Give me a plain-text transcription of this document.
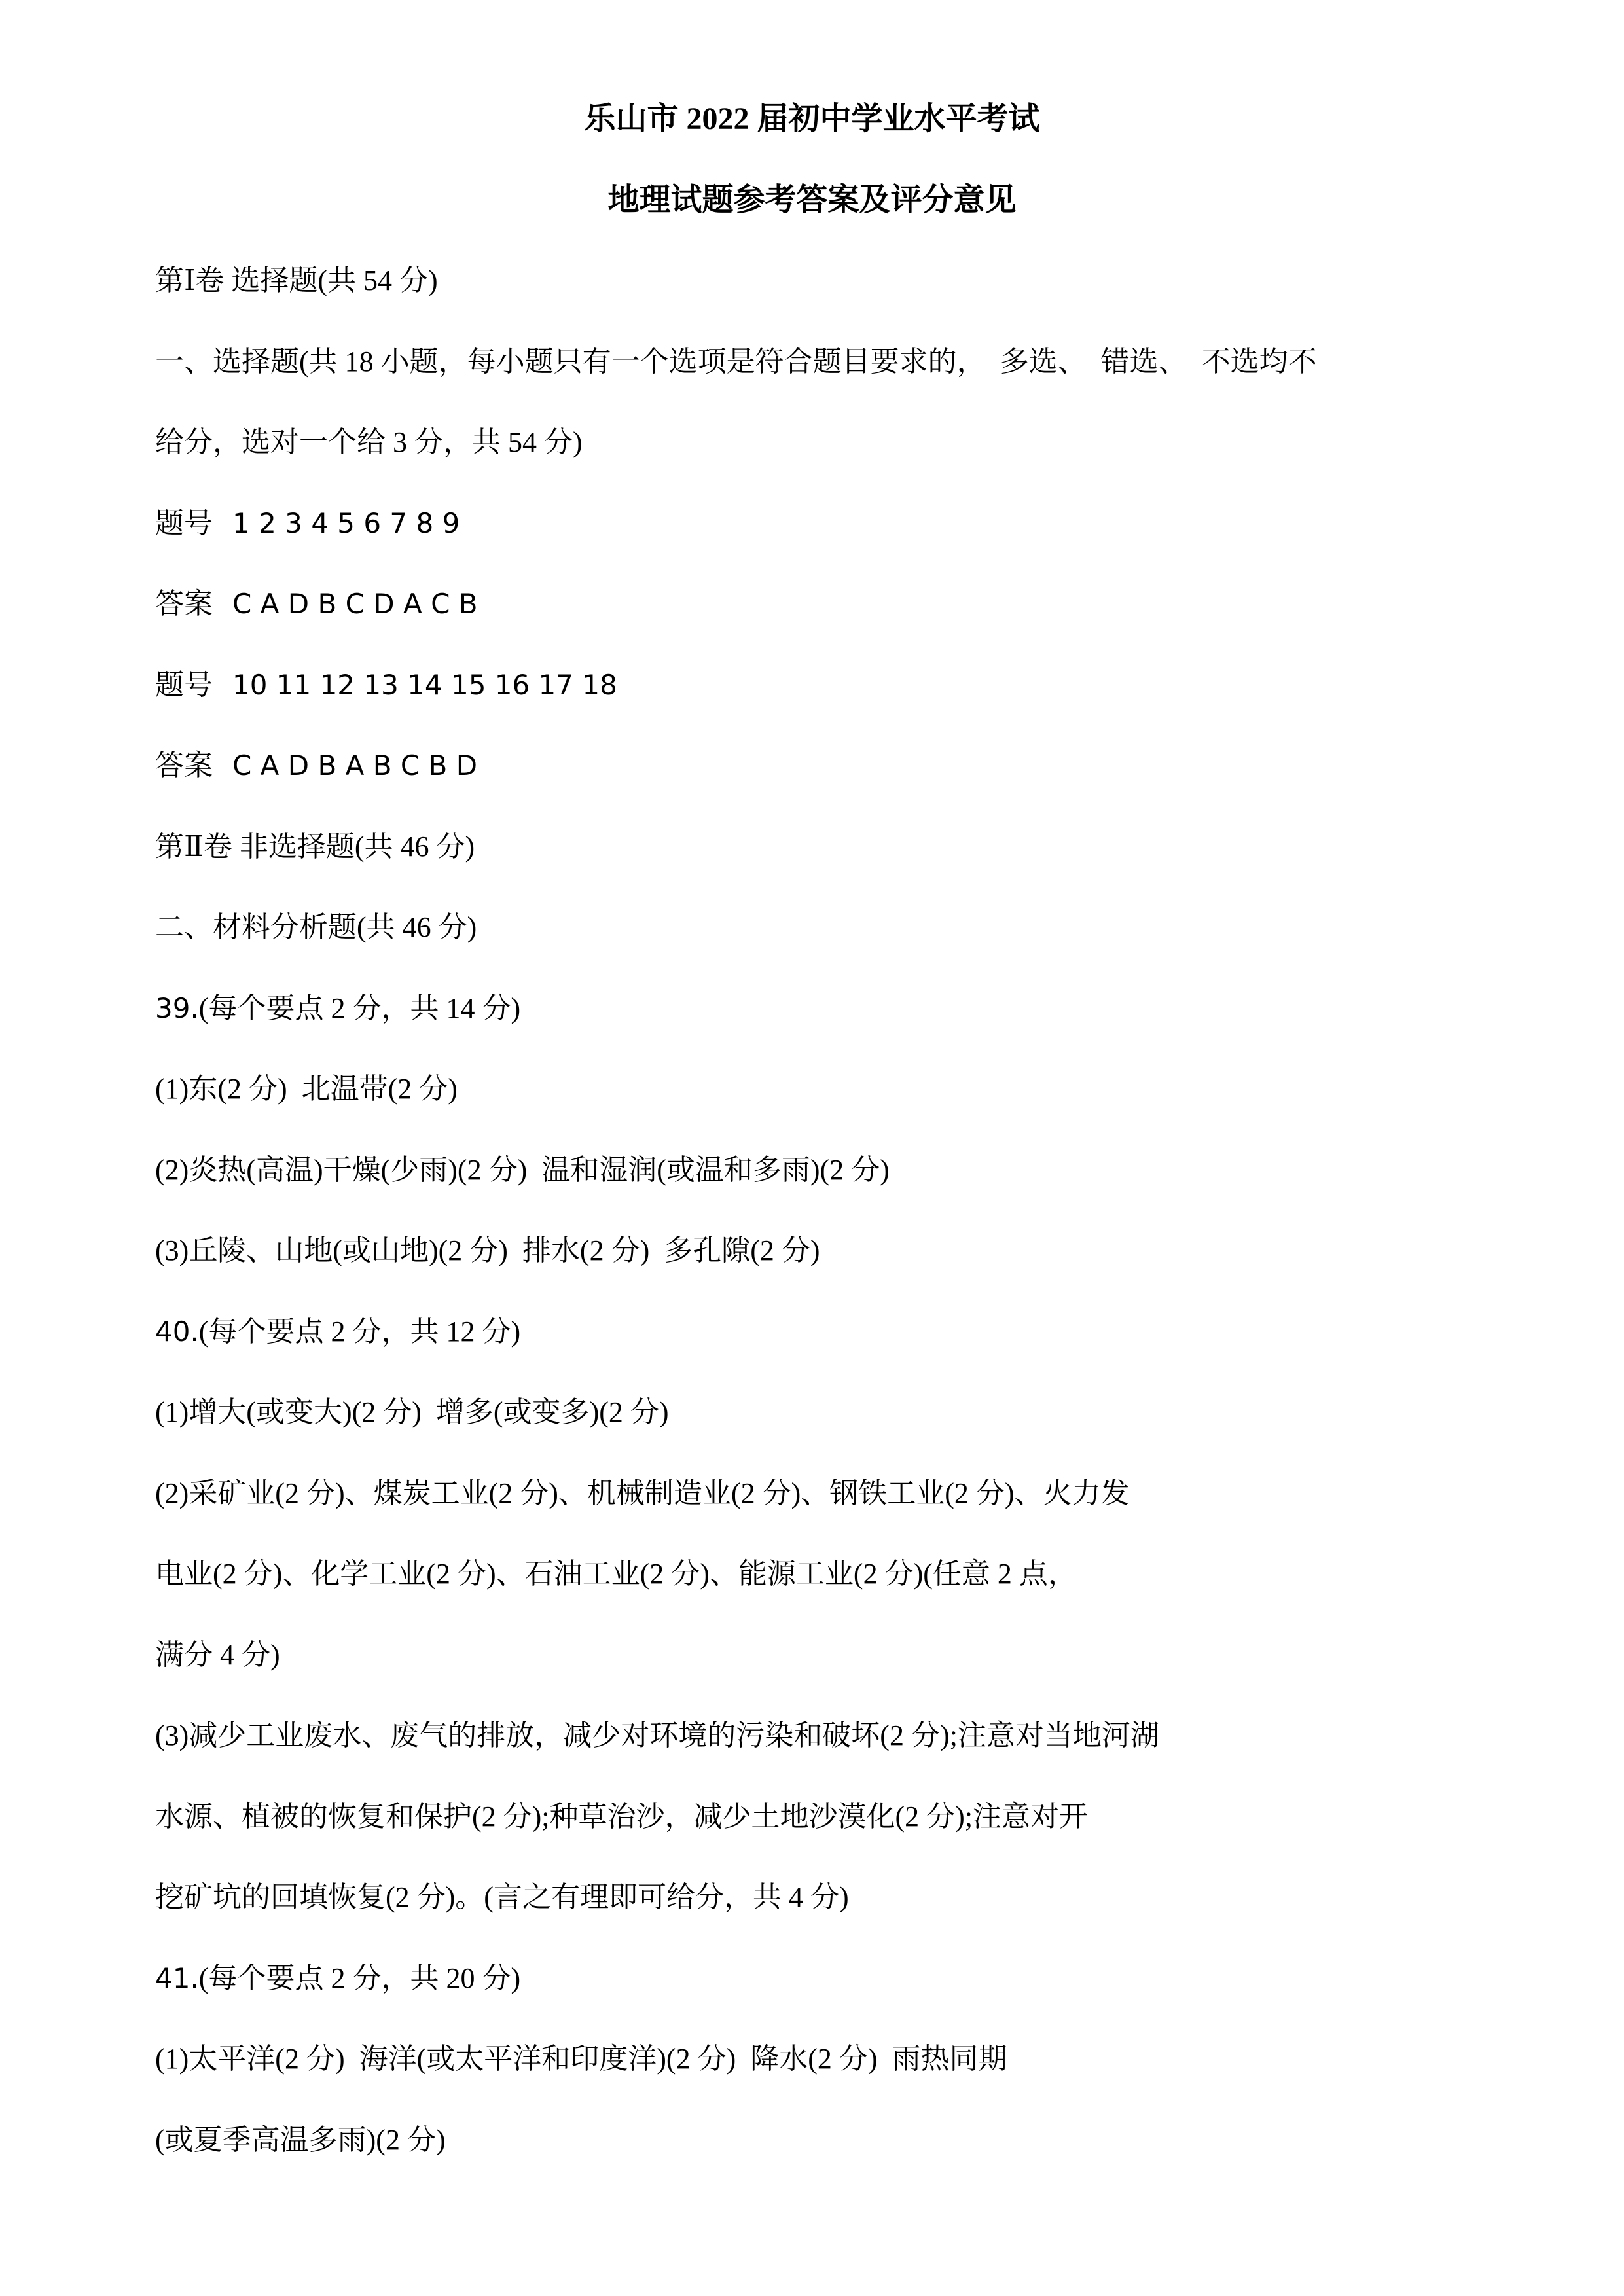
乐山市 2022 届初中学业水平考试
地理试题参考答案及评分意见
第Ⅰ卷 选择题(共 54 分)
一、选择题(共 18 小题，每小题只有一个选项是符合题目要求的，  多选、  错选、  不选均不
给分，选对一个给 3 分，共 54 分)
题号 1 2 3 4 5 6 7 8 9
答案 C A D B C D A C B
题号 10 11 12 13 14 15 16 17 18
答案 C A D B A B C B D
第Ⅱ卷 非选择题(共 46 分)
二、材料分析题(共 46 分)
39.(每个要点 2 分，共 14 分)
(1)东(2 分)  北温带(2 分)
(2)炎热(高温)干燥(少雨)(2 分)  温和湿润(或温和多雨)(2 分)
(3)丘陵、山地(或山地)(2 分)  排水(2 分)  多孔隙(2 分)
40.(每个要点 2 分，共 12 分)
(1)增大(或变大)(2 分)  增多(或变多)(2 分)
(2)采矿业(2 分)、煤炭工业(2 分)、机械制造业(2 分)、钢铁工业(2 分)、火力发
电业(2 分)、化学工业(2 分)、石油工业(2 分)、能源工业(2 分)(任意 2 点，
满分 4 分)
(3)减少工业废水、废气的排放，减少对环境的污染和破坏(2 分);注意对当地河湖
水源、植被的恢复和保护(2 分);种草治沙，减少土地沙漠化(2 分);注意对开
挖矿坑的回填恢复(2 分)。(言之有理即可给分，共 4 分)
41.(每个要点 2 分，共 20 分)
(1)太平洋(2 分)  海洋(或太平洋和印度洋)(2 分)  降水(2 分)  雨热同期
(或夏季高温多雨)(2 分)
